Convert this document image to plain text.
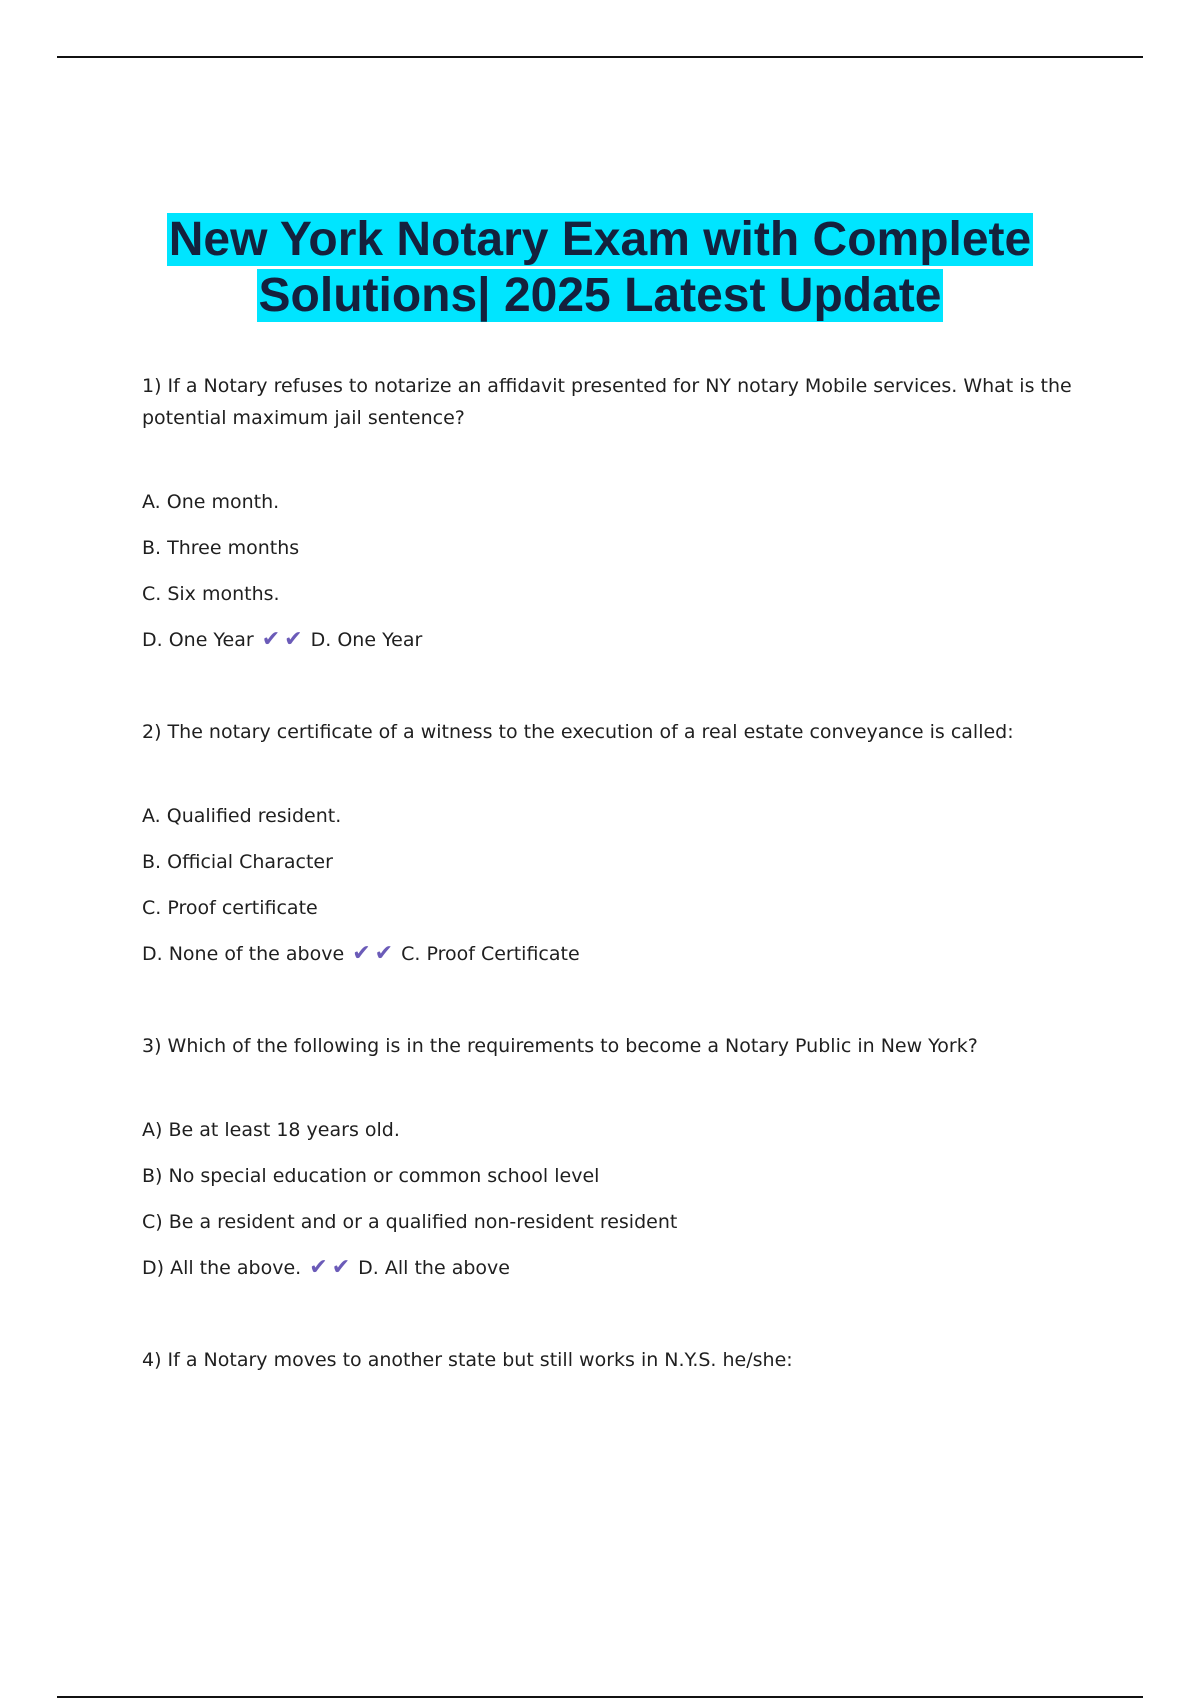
New York Notary Exam with Complete
Solutions| 2025 Latest Update
1) If a Notary refuses to notarize an affidavit presented for NY notary Mobile services. What is the potential maximum jail sentence?
A. One month.
B. Three months
C. Six months.
D. One Year ✔ ✔ D. One Year
2) The notary certificate of a witness to the execution of a real estate conveyance is called:
A. Qualified resident.
B. Official Character
C. Proof certificate
D. None of the above ✔ ✔ C. Proof Certificate
3) Which of the following is in the requirements to become a Notary Public in New York?
A) Be at least 18 years old.
B) No special education or common school level
C) Be a resident and or a qualified non-resident resident
D) All the above. ✔ ✔ D. All the above
4) If a Notary moves to another state but still works in N.Y.S. he/she:
